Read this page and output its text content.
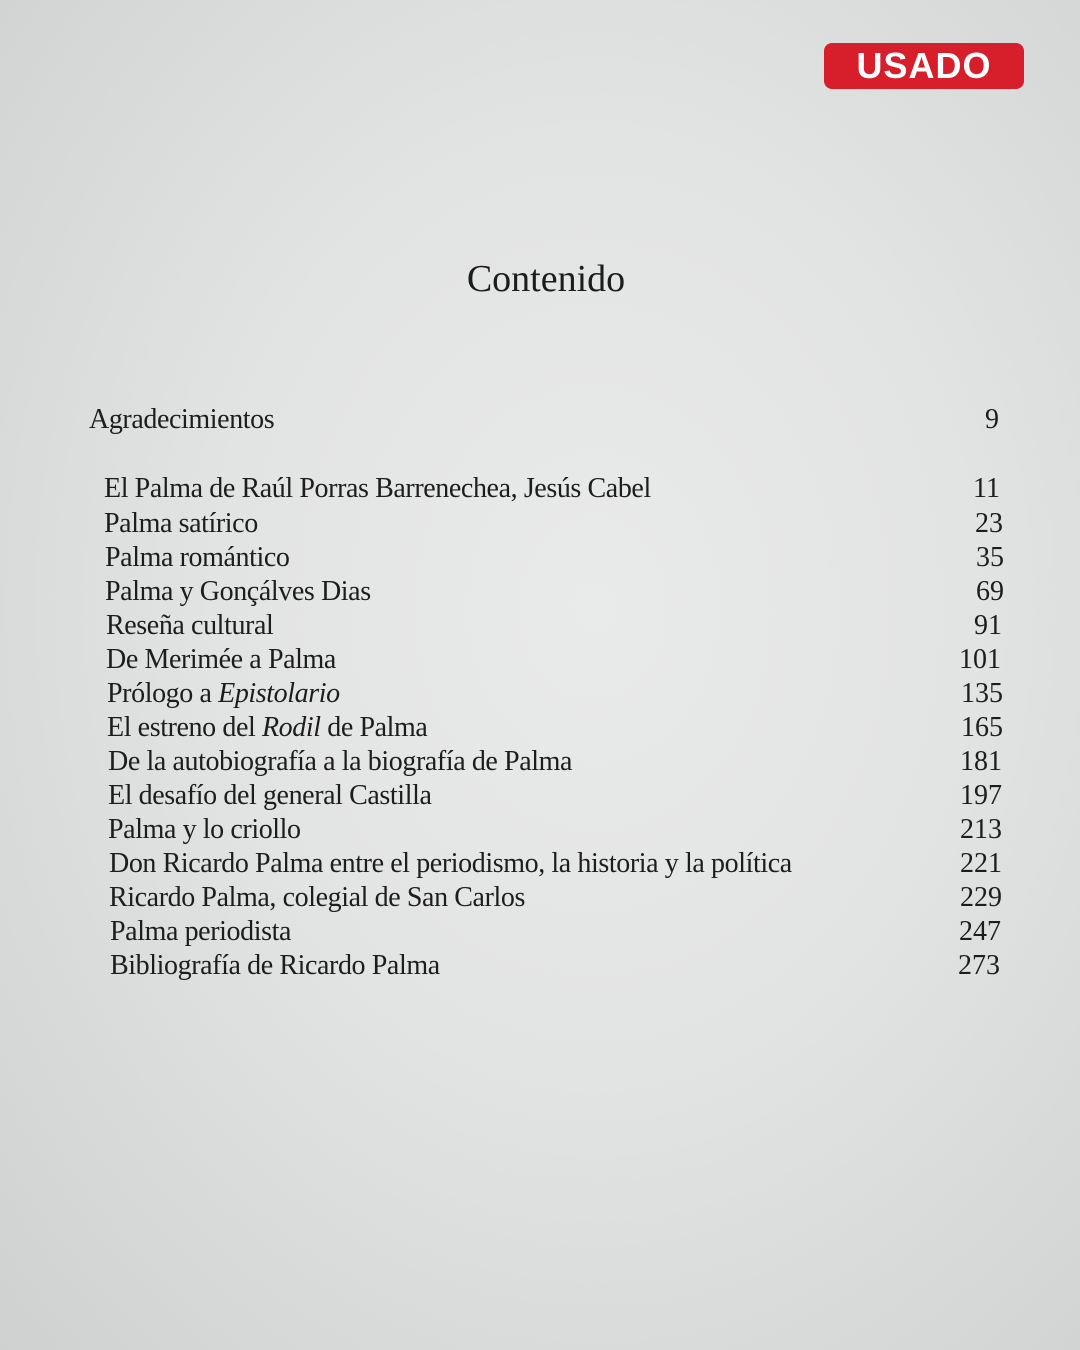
USADO
Contenido
Agradecimientos	9
El Palma de Raúl Porras Barrenechea, Jesús Cabel	11
Palma satírico	23
Palma romántico	35
Palma y Gonçálves Dias	69
Reseña cultural	91
De Merimée a Palma	101
Prólogo a Epistolario	135
El estreno del Rodil de Palma	165
De la autobiografía a la biografía de Palma	181
El desafío del general Castilla	197
Palma y lo criollo	213
Don Ricardo Palma entre el periodismo, la historia y la política	221
Ricardo Palma, colegial de San Carlos	229
Palma periodista	247
Bibliografía de Ricardo Palma	273
